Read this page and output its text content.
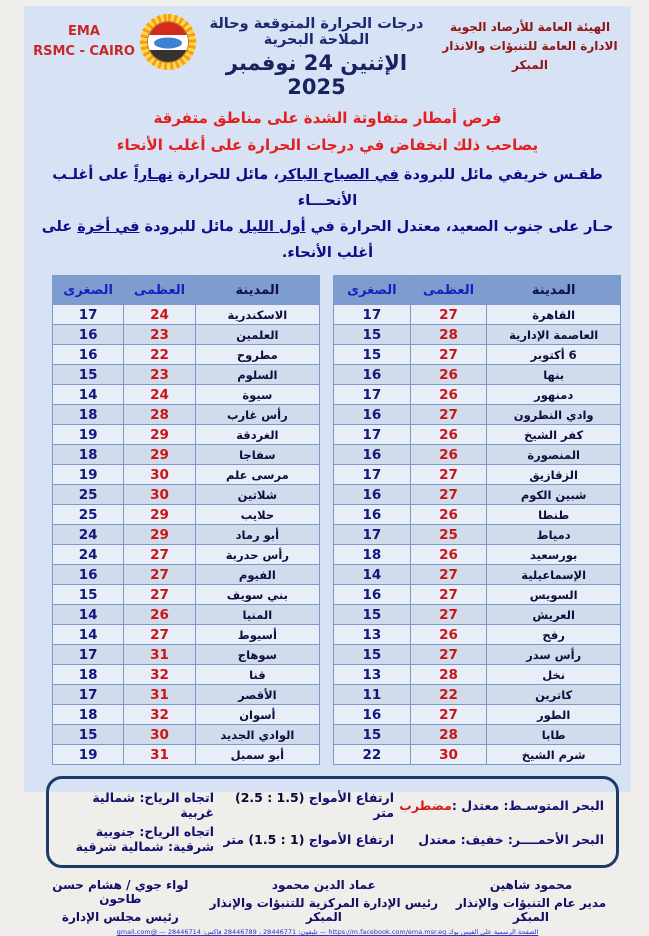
الهيئة العامة للأرصاد الجوية
الادارة العامة للتنبؤات والانذار المبكر
درجات الحرارة المتوقعة وحالة الملاحة البحرية
الإثنين 24 نوفمبر 2025
EMA
RSMC - CAIRO
فرص أمطار متفاوتة الشدة على مناطق متفرقة
يصاحب ذلك انخفاض في درجات الحرارة على أغلب الأنحاء
طقـس خريفي مائل للبرودة في الصباح الباكر، مائل للحرارة نهـاراً على أغلـب الأنحـــاء
حـار على جنوب الصعيد، معتدل الحرارة في أول الليل مائل للبرودة في أخرة على أغلب الأنحاء.
المدينة	العظمى	الصغرى
القاهرة	27	17
العاصمة الإدارية	28	15
6 أكتوبر	27	15
بنها	26	16
دمنهور	26	17
وادي النطرون	27	16
كفر الشيخ	26	17
المنصورة	26	16
الزقازيق	27	17
شبين الكوم	27	16
طنطا	26	16
دمياط	25	17
بورسعيد	26	18
الإسماعيلية	27	14
السويس	27	16
العريش	27	15
رفح	26	13
رأس سدر	27	15
نخل	28	13
كاترين	22	11
الطور	27	16
طابا	28	15
شرم الشيخ	30	22
المدينة	العظمى	الصغرى
الاسكندرية	24	17
العلمين	23	16
مطروح	22	16
السلوم	23	15
سيوة	24	14
رأس غارب	28	18
الغردقة	29	19
سفاجا	29	18
مرسى علم	30	19
شلاتين	30	25
حلايب	29	25
أبو رماد	29	24
رأس حدربة	27	24
الفيوم	27	16
بني سويف	27	15
المنيا	26	14
أسيوط	27	14
سوهاج	31	17
قنا	32	18
الأقصر	31	17
أسوان	32	18
الوادي الجديد	30	15
أبو سمبل	31	19
البحر المتوسـط: معتدل :مضطرب
ارتفاع الأمواج (1.5 : 2.5) متر
اتجاه الرياح: شمالية غربية
البحر الأحمــــر: خفيف: معتدل
ارتفاع الأمواج (1 : 1.5) متر
اتجاه الرياح: جنوبية شرقية: شمالية شرقية
محمود شاهين
مدير عام التنبؤات والإنذار المبكر
عماد الدين محمود
رئيس الإدارة المركزية للتنبؤات والإنذار المبكر
لواء جوي / هشام حسن طاحون
رئيس مجلس الإدارة
الصفحة الرسمية على الفيس بوك https://m.facebook.com/ema.msr.eg — تليفون: 28446771 ، 28446789 فاكس: 28446714 — @gmail.com
